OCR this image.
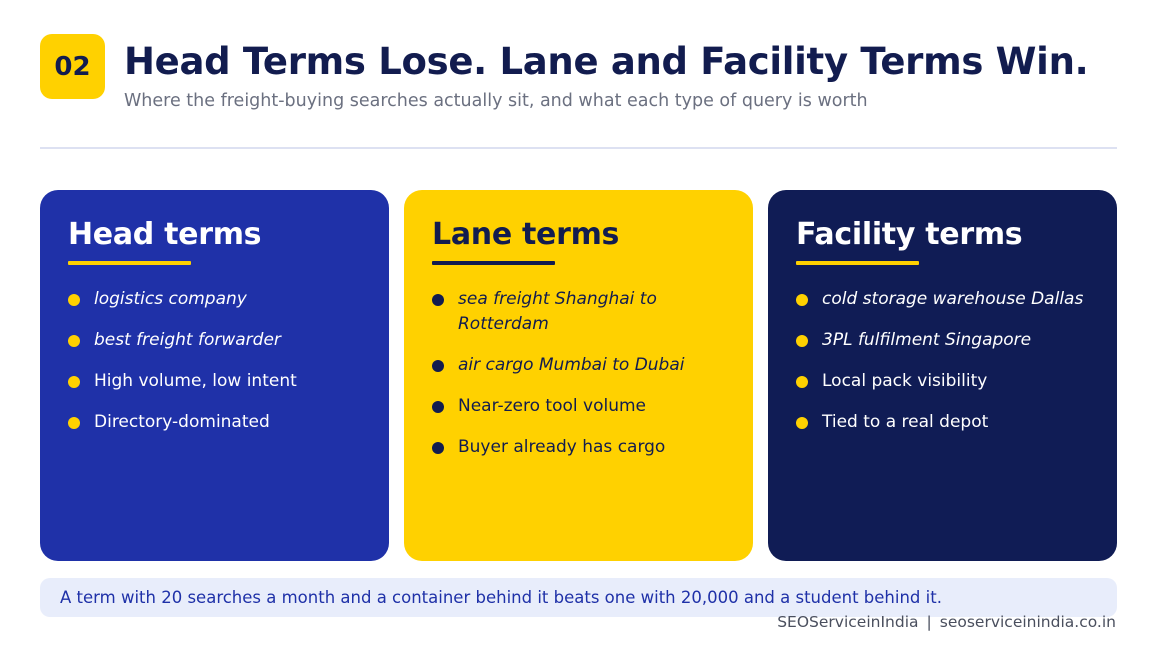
02 Head Terms Lose. Lane and Facility Terms Win.
Where the freight-buying searches actually sit, and what each type of query is worth
Head terms
logistics company
best freight forwarder
High volume, low intent
Directory-dominated
Lane terms
sea freight Shanghai to Rotterdam
air cargo Mumbai to Dubai
Near-zero tool volume
Buyer already has cargo
Facility terms
cold storage warehouse Dallas
3PL fulfilment Singapore
Local pack visibility
Tied to a real depot
A term with 20 searches a month and a container behind it beats one with 20,000 and a student behind it.
SEOServiceinIndia | seoserviceinindia.co.in
